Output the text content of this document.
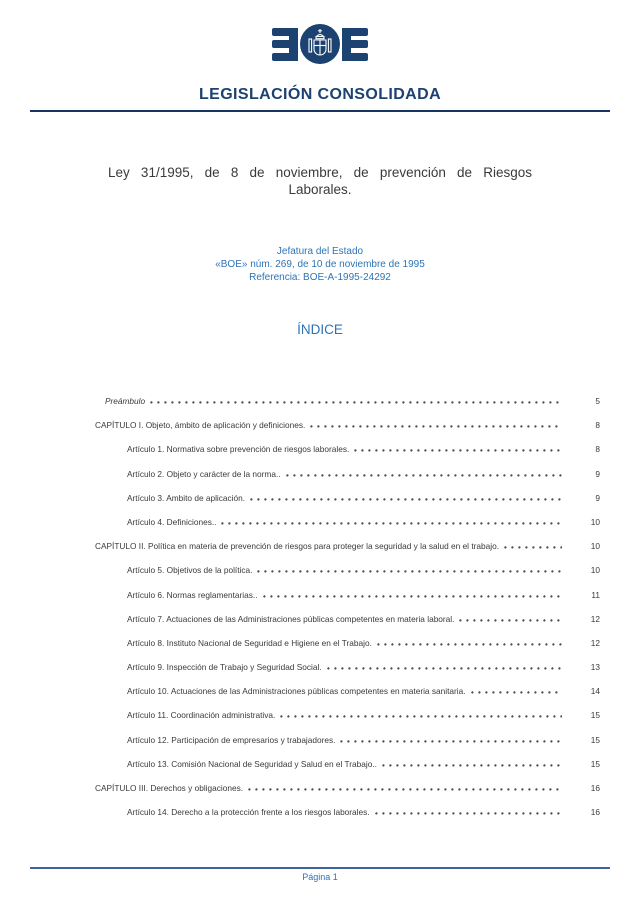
LEGISLACIÓN CONSOLIDADA
Ley 31/1995, de 8 de noviembre, de prevención de Riesgos Laborales.
Jefatura del Estado
«BOE» núm. 269, de 10 de noviembre de 1995
Referencia: BOE-A-1995-24292
ÍNDICE
Preámbulo	5
CAPÍTULO I. Objeto, ámbito de aplicación y definiciones.	8
Artículo 1. Normativa sobre prevención de riesgos laborales.	8
Artículo 2. Objeto y carácter de la norma..	9
Artículo 3. Ambito de aplicación.	9
Artículo 4. Definiciones..	10
CAPÍTULO II. Política en materia de prevención de riesgos para proteger la seguridad y la salud en el trabajo.	10
Artículo 5. Objetivos de la política.	10
Artículo 6. Normas reglamentarias..	11
Artículo 7. Actuaciones de las Administraciones públicas competentes en materia laboral.	12
Artículo 8. Instituto Nacional de Seguridad e Higiene en el Trabajo.	12
Artículo 9. Inspección de Trabajo y Seguridad Social.	13
Artículo 10. Actuaciones de las Administraciones públicas competentes en materia sanitaria.	14
Artículo 11. Coordinación administrativa.	15
Artículo 12. Participación de empresarios y trabajadores.	15
Artículo 13. Comisión Nacional de Seguridad y Salud en el Trabajo..	15
CAPÍTULO III. Derechos y obligaciones.	16
Artículo 14. Derecho a la protección frente a los riesgos laborales.	16
Página 1
